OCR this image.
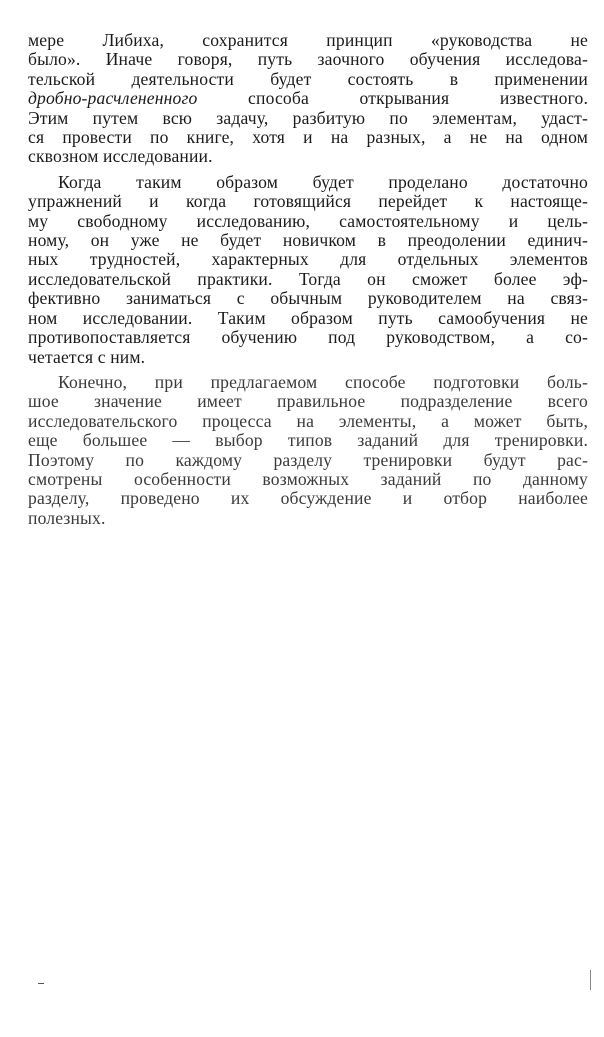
мере Либиха, сохранится принцип «руководства не
было». Иначе говоря, путь заочного обучения исследова-
тельской деятельности будет состоять в применении
дробно-расчлененного	способа открывания известного.
Этим путем всю задачу, разбитую по элементам, удаст-
ся провести по книге, хотя и на разных, а не на одном
сквозном исследовании.

Когда таким образом будет проделано достаточно
упражнений и когда готовящийся перейдет к настояще-
му свободному исследованию, самостоятельному и цель-
ному, он уже не будет новичком в преодолении единич-
ных трудностей, характерных для отдельных элементов
исследовательской практики. Тогда он сможет более эф-
фективно заниматься с обычным руководителем на связ-
ном исследовании. Таким образом путь самообучения не
противопоставляется обучению под руководством, а со-
четается с ним.

Конечно, при предлагаемом способе подготовки боль-
шое значение имеет правильное подразделение всего
исследовательского процесса на элементы, а может быть,
еще большее — выбор типов заданий для тренировки.
Поэтому по каждому разделу тренировки будут рас-
смотрены особенности возможных заданий по данному
разделу, проведено их обсуждение и отбор наиболее
полезных.
